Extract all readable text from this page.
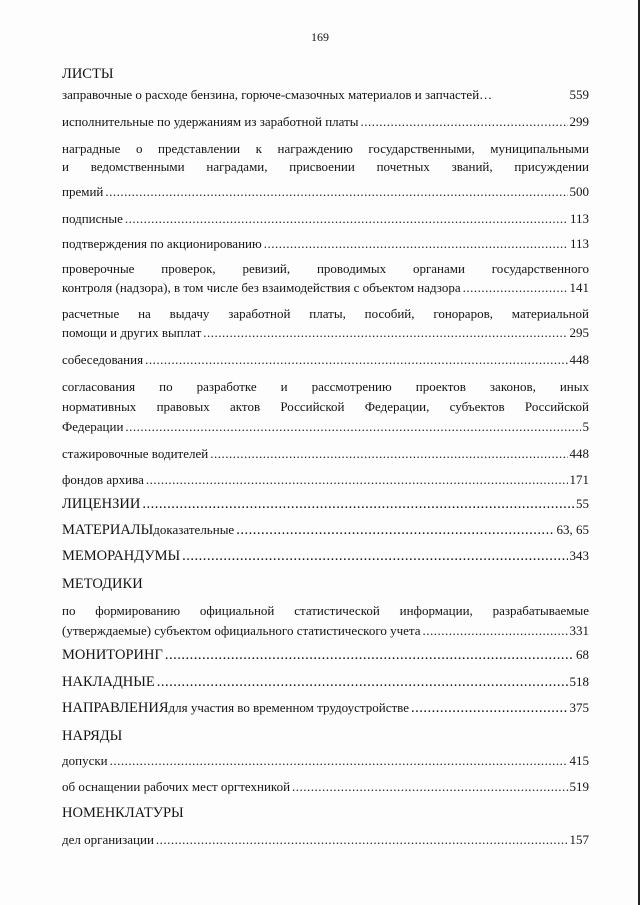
169
ЛИСТЫ
заправочные о расходе бензина, горюче-смазочных материалов и запчастей…	559
исполнительные по удержаниям из заработной платы .....	299
наградные о представлении к награждению государственными, муниципальными
и ведомственными наградами, присвоении почетных званий, присуждении
премий .....	500
подписные .....	113
подтверждения по акционированию .....	113
проверочные проверок, ревизий, проводимых органами государственного
контроля (надзора), в том числе без взаимодействия с объектом надзора .....	141
расчетные на выдачу заработной платы, пособий, гонораров, материальной
помощи и других выплат .....	295
собеседования .....	448
согласования по разработке и рассмотрению проектов законов, иных
нормативных правовых актов Российской Федерации, субъектов Российской
Федерации .....	5
стажировочные водителей .....	448
фондов архива .....	171
ЛИЦЕНЗИИ .....	55
МАТЕРИАЛЫ доказательные .....	63, 65
МЕМОРАНДУМЫ .....	343
МЕТОДИКИ
по формированию официальной статистической информации, разрабатываемые
(утверждаемые) субъектом официального статистического учета .....	331
МОНИТОРИНГ .....	68
НАКЛАДНЫЕ .....	518
НАПРАВЛЕНИЯ для участия во временном трудоустройстве .....	375
НАРЯДЫ
допуски .....	415
об оснащении рабочих мест оргтехникой .....	519
НОМЕНКЛАТУРЫ
дел организации .....	157
